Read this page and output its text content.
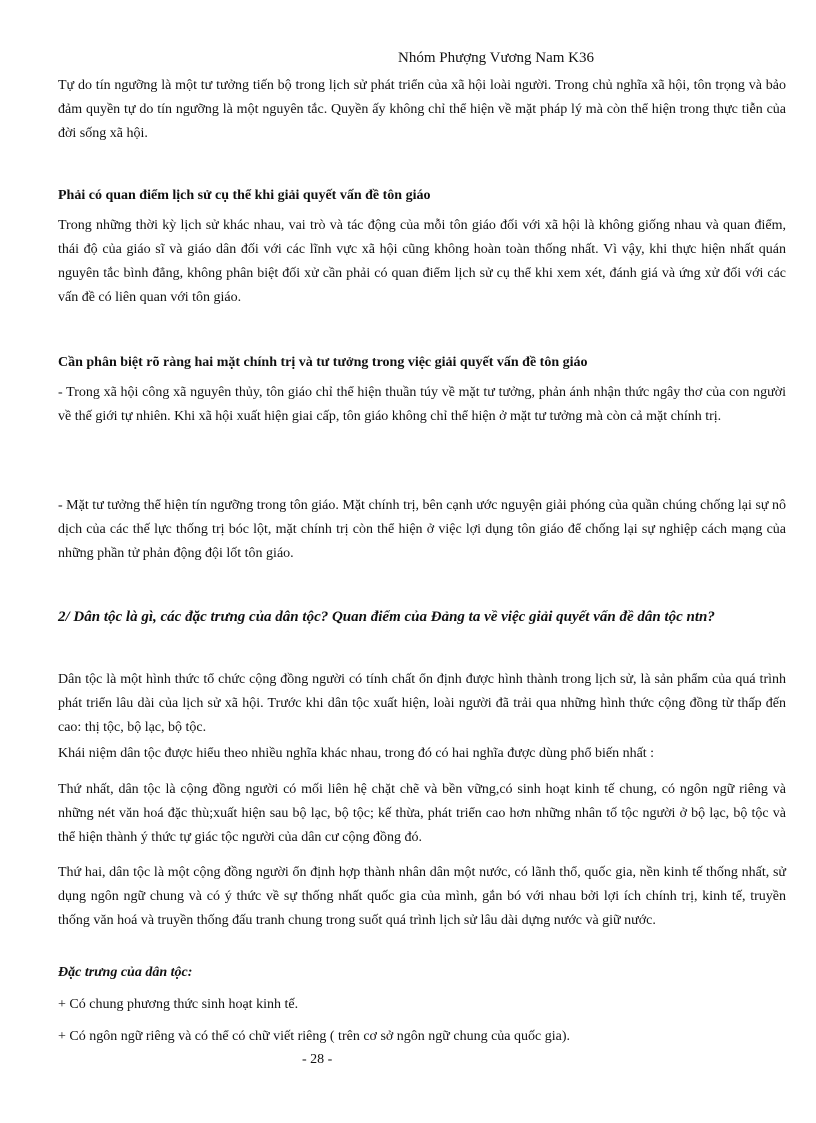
Nhóm Phượng Vương Nam K36

Tự do tín ngưỡng là một tư tưởng tiến bộ trong lịch sử phát triển của xã hội loài người. Trong chủ nghĩa xã hội, tôn trọng và bảo đảm quyền tự do tín ngưỡng là một nguyên tắc. Quyền ấy không chỉ thể hiện về mặt pháp lý mà còn thể hiện trong thực tiễn của đời sống xã hội.

Phải có quan điểm lịch sử cụ thể khi giải quyết vấn đề tôn giáo

Trong những thời kỳ lịch sử khác nhau, vai trò và tác động của mỗi tôn giáo đối với xã hội là không giống nhau và quan điểm, thái độ của giáo sĩ và giáo dân đối với các lĩnh vực xã hội cũng không hoàn toàn thống nhất. Vì vậy, khi thực hiện nhất quán nguyên tắc bình đẳng, không phân biệt đối xử cần phải có quan điểm lịch sử cụ thể khi xem xét, đánh giá và ứng xử đối với các vấn đề có liên quan với tôn giáo.

Cần phân biệt rõ ràng hai mặt chính trị và tư tưởng trong việc giải quyết vấn đề tôn giáo

- Trong xã hội công xã nguyên thủy, tôn giáo chỉ thể hiện thuần túy về mặt tư tưởng, phản ánh nhận thức ngây thơ của con người về thế giới tự nhiên. Khi xã hội xuất hiện giai cấp, tôn giáo không chỉ thể hiện ở mặt tư tưởng mà còn cả mặt chính trị.

- Mặt tư tưởng thể hiện tín ngưỡng trong tôn giáo. Mặt chính trị, bên cạnh ước nguyện giải phóng của quần chúng chống lại sự nô dịch của các thế lực thống trị bóc lột, mặt chính trị còn thể hiện ở việc lợi dụng tôn giáo để chống lại sự nghiệp cách mạng của những phần tử phản động đội lốt tôn giáo.

2/ Dân tộc là gì, các đặc trưng của dân tộc? Quan điểm của Đảng ta về việc giải quyết vấn đề dân tộc ntn?

Dân tộc là một hình thức tổ chức cộng đồng người có tính chất ổn định được hình thành trong lịch sử, là sản phẩm của quá trình phát triển lâu dài của lịch sử xã hội. Trước khi dân tộc xuất hiện, loài người đã trải qua những hình thức cộng đồng từ thấp đến cao: thị tộc, bộ lạc, bộ tộc.

Khái niệm dân tộc được hiểu theo nhiều nghĩa khác nhau, trong đó có hai nghĩa được dùng phổ biến nhất :

Thứ nhất, dân tộc là cộng đồng người có mối liên hệ chặt chẽ và bền vững,có sinh hoạt kinh tế chung, có ngôn ngữ riêng và những nét văn hoá đặc thù;xuất hiện sau bộ lạc, bộ tộc; kế thừa, phát triển cao hơn những nhân tố tộc người ở bộ lạc, bộ tộc và thể hiện thành ý thức tự giác tộc người của dân cư cộng đồng đó.

Thứ hai, dân tộc là một cộng đồng người ổn định hợp thành nhân dân một nước, có lãnh thổ, quốc gia, nền kinh tế thống nhất, sử dụng ngôn ngữ chung và có ý thức về sự thống nhất quốc gia của mình, gắn bó với nhau bởi lợi ích chính trị, kinh tế, truyền thống văn hoá và truyền thống đấu tranh chung trong suốt quá trình lịch sử lâu dài dựng nước và giữ nước.

Đặc trưng của dân tộc:

+ Có chung phương thức sinh hoạt kinh tế.

+ Có ngôn ngữ riêng và có thể có chữ viết riêng ( trên cơ sở ngôn ngữ chung của quốc gia).

- 28 -
